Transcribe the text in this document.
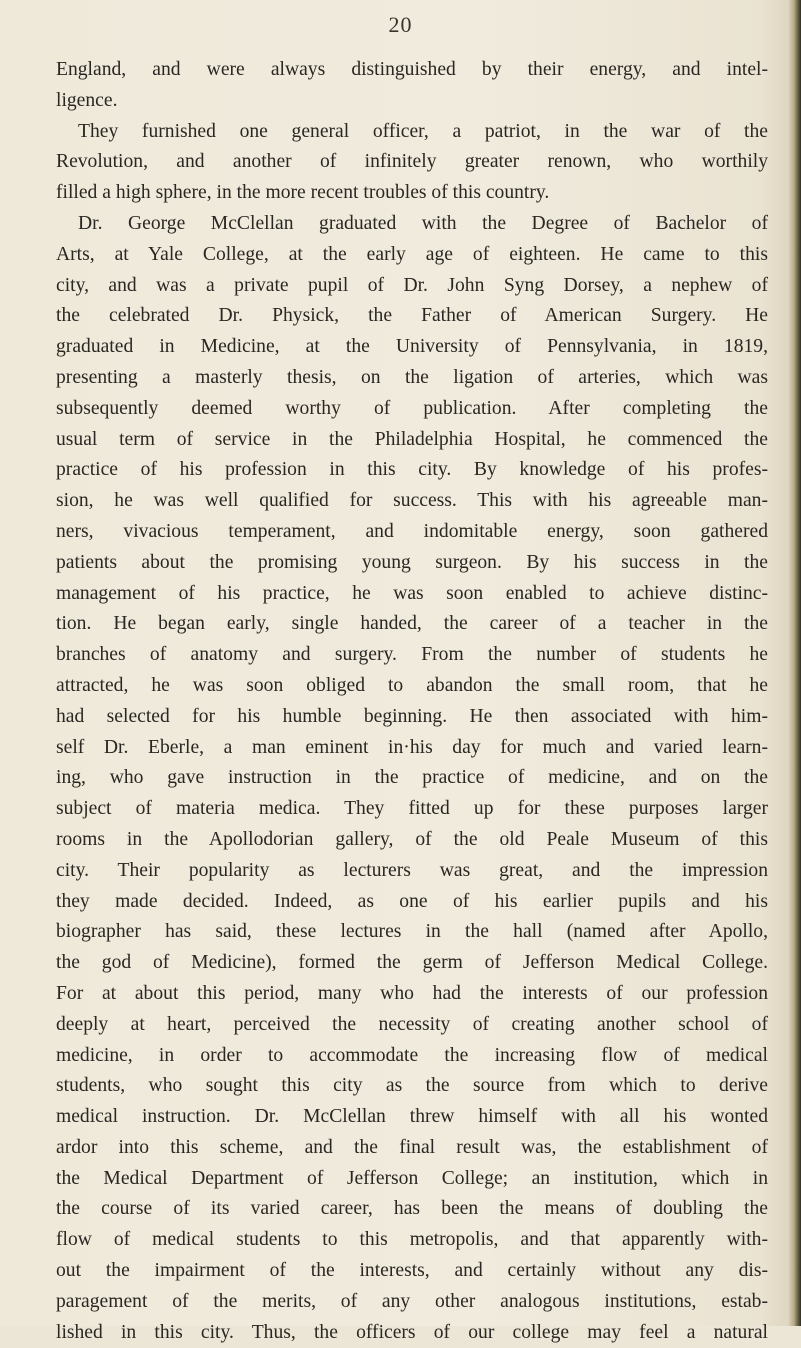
20
England, and were always distinguished by their energy, and intel-
ligence.
They furnished one general officer, a patriot, in the war of the
Revolution, and another of infinitely greater renown, who worthily
filled a high sphere, in the more recent troubles of this country.
Dr. George McClellan graduated with the Degree of Bachelor of
Arts, at Yale College, at the early age of eighteen. He came to this
city, and was a private pupil of Dr. John Syng Dorsey, a nephew of
the celebrated Dr. Physick, the Father of American Surgery. He
graduated in Medicine, at the University of Pennsylvania, in 1819,
presenting a masterly thesis, on the ligation of arteries, which was
subsequently deemed worthy of publication. After completing the
usual term of service in the Philadelphia Hospital, he commenced the
practice of his profession in this city. By knowledge of his profes-
sion, he was well qualified for success. This with his agreeable man-
ners, vivacious temperament, and indomitable energy, soon gathered
patients about the promising young surgeon. By his success in the
management of his practice, he was soon enabled to achieve distinc-
tion. He began early, single handed, the career of a teacher in the
branches of anatomy and surgery. From the number of students he
attracted, he was soon obliged to abandon the small room, that he
had selected for his humble beginning. He then associated with him-
self Dr. Eberle, a man eminent in·his day for much and varied learn-
ing, who gave instruction in the practice of medicine, and on the
subject of materia medica. They fitted up for these purposes larger
rooms in the Apollodorian gallery, of the old Peale Museum of this
city. Their popularity as lecturers was great, and the impression
they made decided. Indeed, as one of his earlier pupils and his
biographer has said, these lectures in the hall (named after Apollo,
the god of Medicine), formed the germ of Jefferson Medical College.
For at about this period, many who had the interests of our profession
deeply at heart, perceived the necessity of creating another school of
medicine, in order to accommodate the increasing flow of medical
students, who sought this city as the source from which to derive
medical instruction. Dr. McClellan threw himself with all his wonted
ardor into this scheme, and the final result was, the establishment of
the Medical Department of Jefferson College; an institution, which in
the course of its varied career, has been the means of doubling the
flow of medical students to this metropolis, and that apparently with-
out the impairment of the interests, and certainly without any dis-
paragement of the merits, of any other analogous institutions, estab-
lished in this city. Thus, the officers of our college may feel a natural
